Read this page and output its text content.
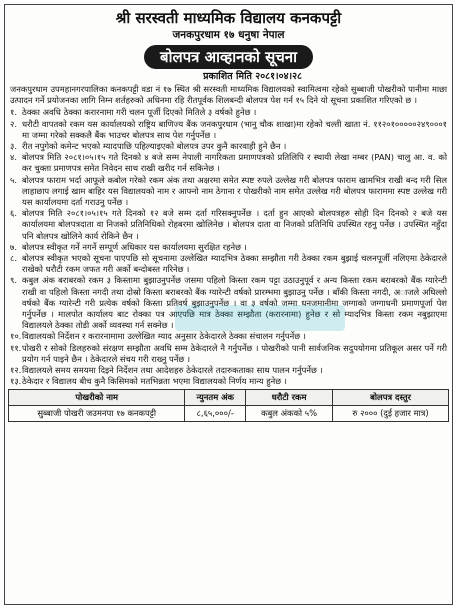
श्री सरस्वती माध्यमिक विद्यालय कनकपट्टी
जनकपुरधाम १७ धनुषा नेपाल
बोलपत्र आव्हानको सूचना
प्रकाशित मिति २०८१।०४।२८

जनकपुरधाम उपमहानगरपालिका कनकपट्टी वडा नं १७ स्थित श्री सरस्वती माध्यमिक विद्यालयको स्वामित्वमा रहेको सुब्बाजी पोखरीको पानीमा माछा उत्पादन गर्ने प्रयोजनका लागि निम्न शर्तहरुको अधिनमा रहि रीतपूर्वक शिलबन्दी बोलपत्र पेश गर्न १५ दिने यो सूचना प्रकाशित गरिएको छ ।

१. ठेक्का अवधि ठेक्का करारनामा गरी चलन पूर्जी दिएको मितिले ३ वर्षको हुनेछ ।
२. धरौटी वापतको रकम यस कार्यालयको राष्ट्रिय बाणिज्य बैंक जनकपुरधाम (भानु चौक शाखा)मा रहेको चल्ती खाता नं. ११२०१०००००२४९०००१ मा जम्मा गरेको सक्कलै बैंक भाउचर बोलपत्र साथ पेश गर्नुपर्नेछ ।
३. रीत नपुगेको कमेन्ट भएको म्यादपाछि पहिल्याइएको बोलपत्र उपर कुनै कारवाही हुने छैन ।
४. बोलपत्र मिति २०८१।०५।१५ गते दिनको ४ बजे सम्म नेपाली नागरिकता प्रमाणपत्रको प्रतिलिपि र स्थायी लेखा नम्बर (PAN) चालु आ. व. को कर चुक्ता प्रमाणपत्र समेत निवेदन साथ राखी खरीद गर्न सकिनेछ ।
५. बोलपत्र फाराम भर्दा आफूले कबोल गरेको रकम अंक तथा अक्षरमा समेत स्पष्ट रुपले उल्लेख गरी बोलपत्र फाराम खामभित्र राखी बन्द गरी सिल लाहाछाप लगाई खाम बाहिर यस विद्यालयको नाम र आफ्नो नाम ठेगाना र पोखरीको नाम समेत उल्लेख गरी बोलपत्र फाराममा स्पष्ट उल्लेख गरी यस कार्यालयमा दर्ता गराउनु पर्नेछ ।
६. बोलपत्र मिति २०८१।०५।१५ गते दिनको १२ बजे सम्म दर्ता गरिसक्नुपर्नेछ । दर्ता हुन आएको बोलपत्रहरु सोही दिन दिनको २ बजे यस कार्यालयमा बोलपत्रदाता वा निजको प्रतिनिधिको रोहबरमा खोलिनेछ । बोलपत्र दाता वा निजको प्रतिनिधि उपस्थित रहनु पर्नेछ । उपस्थित नहुँदा पनि बोलपत्र खोलिने कार्य रोकिने छैन ।
७. बोलपत्र स्वीकृत गर्ने नगर्ने सम्पूर्ण अधिकार यस कार्यालयमा सुरक्षित रहनेछ ।
८. बोलपत्र स्वीकृत भएको सूचना पाएपछि सो सूचनामा उल्लेखित म्यादभित्र ठेक्का सम्झौता गरी ठेक्का रकम बुझाई चलनपूर्जी नलिएमा ठेकेदारले राखेको धरौटी रकम जफत गरी अर्को बन्दोबस्त गरिनेछ ।
९. कबुल अंक बराबरको रकम ३ किस्तामा बुझाउनुपर्नेछ जसमा पहिलो किस्ता रकम पट्टा उठाउनुपूर्व र अन्य किस्ता रकम बराबरको बैंक ग्यारेन्टी राखी वा पहिलो किस्ता नगदी तथा दोस्रो किस्ता बराबरको बैंक ग्यारेन्टी वर्षको प्रारम्भमा बुझाउनु पर्नेछ । बाँकी किस्ता नगदी, अाजले अघिल्लो वर्षको बैंक ग्यारेन्टी गरी प्रत्येक वर्षको किस्ता प्रतिवर्ष बुझाउनुपर्नेछ । वा ३ वर्षको जम्मा धनजमानीमा जग्गाको जग्गाधनी प्रमाणपूर्जा पेश गर्नुपर्नेछ । मालपोत कार्यालय बाट रोक्का पत्र आएपछि मात्र ठेक्का सम्झौता (करारनामा) हुनेछ र सो म्यादभित्र किस्ता रकम नबुझाएमा विद्यालयले ठेक्का तोडी अर्को व्यवस्था गर्न सक्नेछ ।
१०. विद्यालयको निर्देशन र करारनामामा उल्लेखित म्याद अनुसार ठेकेदारले ठेक्का संचालन गर्नुपर्नेछ ।
११. पोखरी र सोको डिलहरुको संरक्षण सम्झौता अवधि सम्म ठेकेदारले नै गर्नुपर्नेछ । पोखरीको पानी सार्वजनिक सदुपयोगमा प्रतिकूल असर पर्ने गरी प्रयोग गर्न पाइने छैन । ठेकेदारले संचय गरी राख्नु पर्नेछ ।
१२. विद्यालयले समय समयमा दिइने निर्देशन तथा आदेशहरु ठेकेदारले तदारुकताका साथ पालन गर्नुपर्नेछ ।
१३. ठेकेदार र विद्यालय बीच कुनै किसिमको मतभिन्नता भएमा विद्यालयको निर्णय मान्य हुनेछ ।
पोखरीको नाम	न्युनतम अंक	धरौटी रकम	बोलपत्र दस्तुर
सुब्बाजी पोखरी जउमनपा १७ कनकपट्टी	८,६५,०००/-	कबुल अंकको ५%	रु २००० (दुई हजार मात्र)
